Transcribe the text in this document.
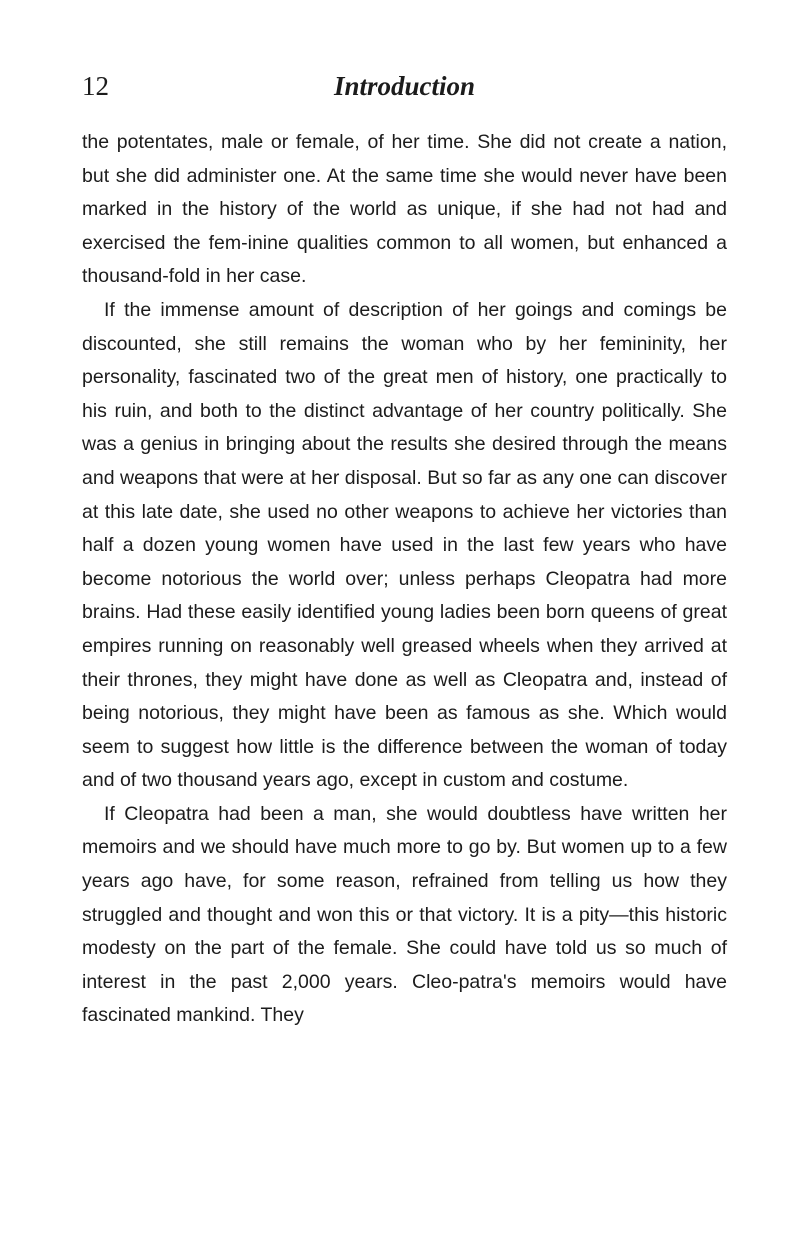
12	Introduction

the potentates, male or female, of her time. She did not create a nation, but she did administer one. At the same time she would never have been marked in the history of the world as unique, if she had not had and exercised the fem-inine qualities common to all women, but enhanced a thousand-fold in her case.

If the immense amount of description of her goings and comings be discounted, she still remains the woman who by her femininity, her personality, fascinated two of the great men of history, one practically to his ruin, and both to the distinct advantage of her country politically. She was a genius in bringing about the results she desired through the means and weapons that were at her disposal. But so far as any one can discover at this late date, she used no other weapons to achieve her victories than half a dozen young women have used in the last few years who have become notorious the world over; unless perhaps Cleopatra had more brains. Had these easily identified young ladies been born queens of great empires running on reasonably well greased wheels when they arrived at their thrones, they might have done as well as Cleopatra and, instead of being notorious, they might have been as famous as she. Which would seem to suggest how little is the difference between the woman of today and of two thousand years ago, except in custom and costume.

If Cleopatra had been a man, she would doubtless have written her memoirs and we should have much more to go by. But women up to a few years ago have, for some reason, refrained from telling us how they struggled and thought and won this or that victory. It is a pity—this historic modesty on the part of the female. She could have told us so much of interest in the past 2,000 years. Cleo-patra's memoirs would have fascinated mankind. They
